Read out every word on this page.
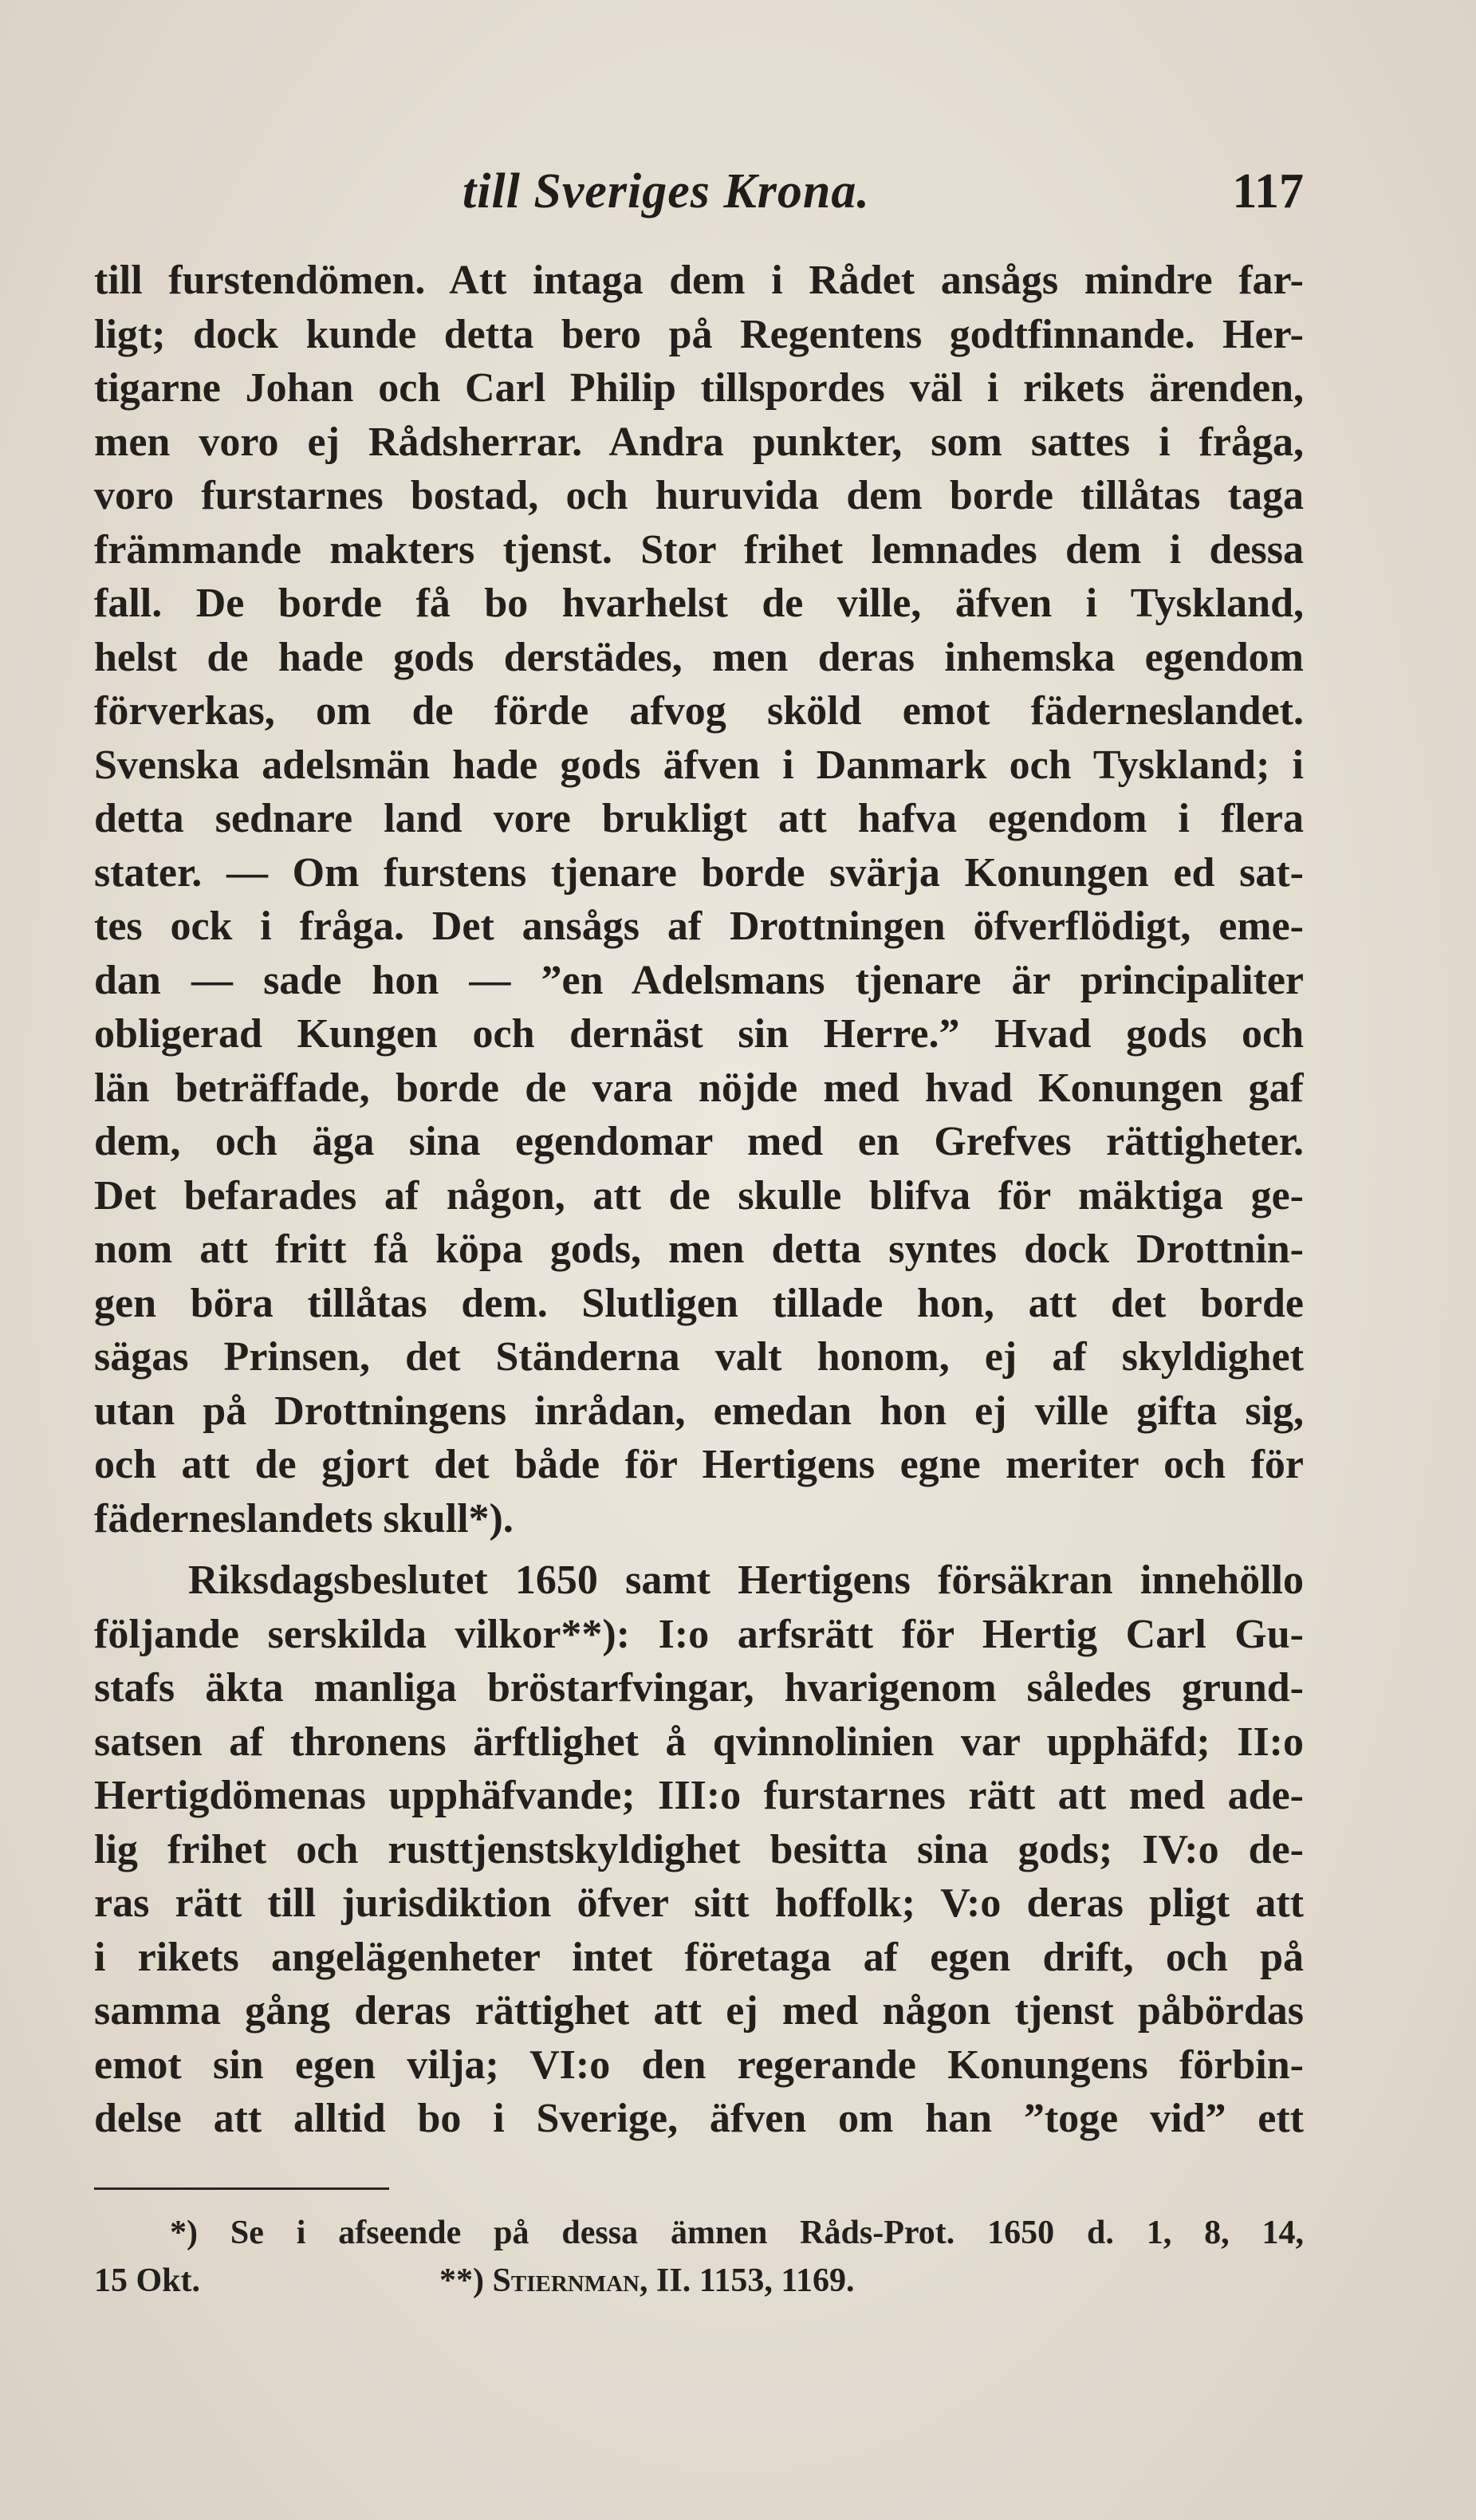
till Sveriges Krona.	117
till furstendömen. Att intaga dem i Rådet ansågs mindre far-
ligt; dock kunde detta bero på Regentens godtfinnande. Her-
tigarne Johan och Carl Philip tillspordes väl i rikets ärenden,
men voro ej Rådsherrar. Andra punkter, som sattes i fråga,
voro furstarnes bostad, och huruvida dem borde tillåtas taga
främmande makters tjenst. Stor frihet lemnades dem i dessa
fall. De borde få bo hvarhelst de ville, äfven i Tyskland,
helst de hade gods derstädes, men deras inhemska egendom
förverkas, om de förde afvog sköld emot fäderneslandet.
Svenska adelsmän hade gods äfven i Danmark och Tyskland; i
detta sednare land vore brukligt att hafva egendom i flera
stater. — Om furstens tjenare borde svärja Konungen ed sat-
tes ock i fråga. Det ansågs af Drottningen öfverflödigt, eme-
dan — sade hon — ”en Adelsmans tjenare är principaliter
obligerad Kungen och dernäst sin Herre.” Hvad gods och
län beträffade, borde de vara nöjde med hvad Konungen gaf
dem, och äga sina egendomar med en Grefves rättigheter.
Det befarades af någon, att de skulle blifva för mäktiga ge-
nom att fritt få köpa gods, men detta syntes dock Drottnin-
gen böra tillåtas dem. Slutligen tillade hon, att det borde
sägas Prinsen, det Ständerna valt honom, ej af skyldighet
utan på Drottningens inrådan, emedan hon ej ville gifta sig,
och att de gjort det både för Hertigens egne meriter och för
fäderneslandets skull*).
Riksdagsbeslutet 1650 samt Hertigens försäkran innehöllo
följande serskilda vilkor**): I:o arfsrätt för Hertig Carl Gu-
stafs äkta manliga bröstarfvingar, hvarigenom således grund-
satsen af thronens ärftlighet å qvinnolinien var upphäfd; II:o
Hertigdömenas upphäfvande; III:o furstarnes rätt att med ade-
lig frihet och rusttjenstskyldighet besitta sina gods; IV:o de-
ras rätt till jurisdiktion öfver sitt hoffolk; V:o deras pligt att
i rikets angelägenheter intet företaga af egen drift, och på
samma gång deras rättighet att ej med någon tjenst påbördas
emot sin egen vilja; VI:o den regerande Konungens förbin-
delse att alltid bo i Sverige, äfven om han ”toge vid” ett
*) Se i afseende på dessa ämnen Råds-Prot. 1650 d. 1, 8, 14,
15 Okt.	**) Stiernman, II. 1153, 1169.
